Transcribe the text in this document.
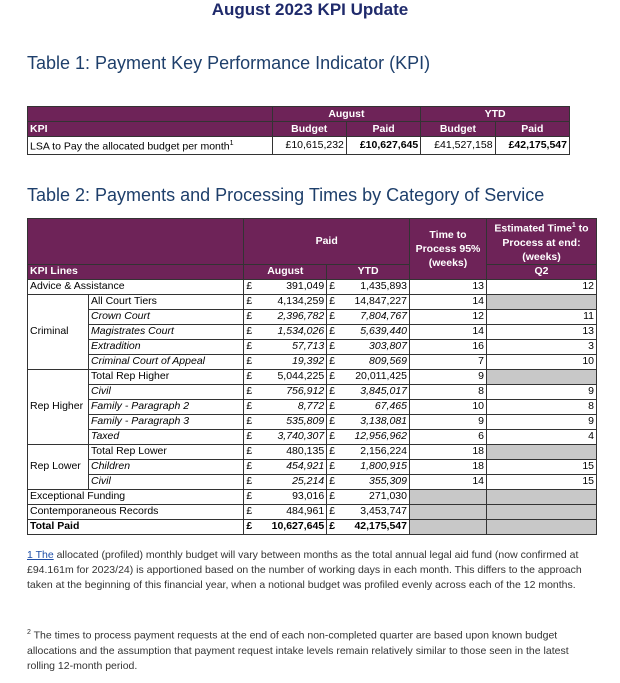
August 2023 KPI Update
Table 1: Payment Key Performance Indicator (KPI)
	August		YTD	
KPI	Budget	Paid	Budget	Paid
LSA to Pay the allocated budget per month$^1$	£10,615,232	£10,627,645	£41,527,158	£42,175,547
Table 2: Payments and Processing Times by Category of Service
		Paid		Time to Process 95% (weeks)	Estimated Time$^1$ to Process at end: (weeks)
KPI Lines		August	YTD		Q2
Advice & Assistance		£ 391,049	£ 1,435,893	13	12
Criminal	All Court Tiers	£ 4,134,259	£ 14,847,227	14	
	Crown Court	£ 2,396,782	£ 7,804,767	12	11
	Magistrates Court	£ 1,534,026	£ 5,639,440	14	13
	Extradition	£ 57,713	£ 303,807	16	3
	Criminal Court of Appeal	£ 19,392	£ 809,569	7	10
Rep Higher	Total Rep Higher	£ 5,044,225	£ 20,011,425	9	
	Civil	£ 756,912	£ 3,845,017	8	9
	Family - Paragraph 2	£ 8,772	£ 67,465	10	8
	Family - Paragraph 3	£ 535,809	£ 3,138,081	9	9
	Taxed	£ 3,740,307	£ 12,956,962	6	4
Rep Lower	Total Rep Lower	£ 480,135	£ 2,156,224	18	
	Children	£ 454,921	£ 1,800,915	18	15
	Civil	£ 25,214	£ 355,309	14	15
Exceptional Funding		£ 93,016	£ 271,030		

Contemporaneous Records		£ 484,961	£ 3,453,747		

Total Paid		£ 10,627,645	£ 42,175,547		

1 The allocated (profiled) monthly budget will vary between months as the total annual legal aid fund (now confirmed at £94.161m for 2023/24) is apportioned based on the number of working days in each month. This differs to the approach taken at the beginning of this financial year, when a notional budget was profiled evenly across each of the 12 months.
$^2$ The times to process payment requests at the end of each non-completed quarter are based upon known budget allocations and the assumption that payment request intake levels remain relatively similar to those seen in the latest rolling 12-month period.
